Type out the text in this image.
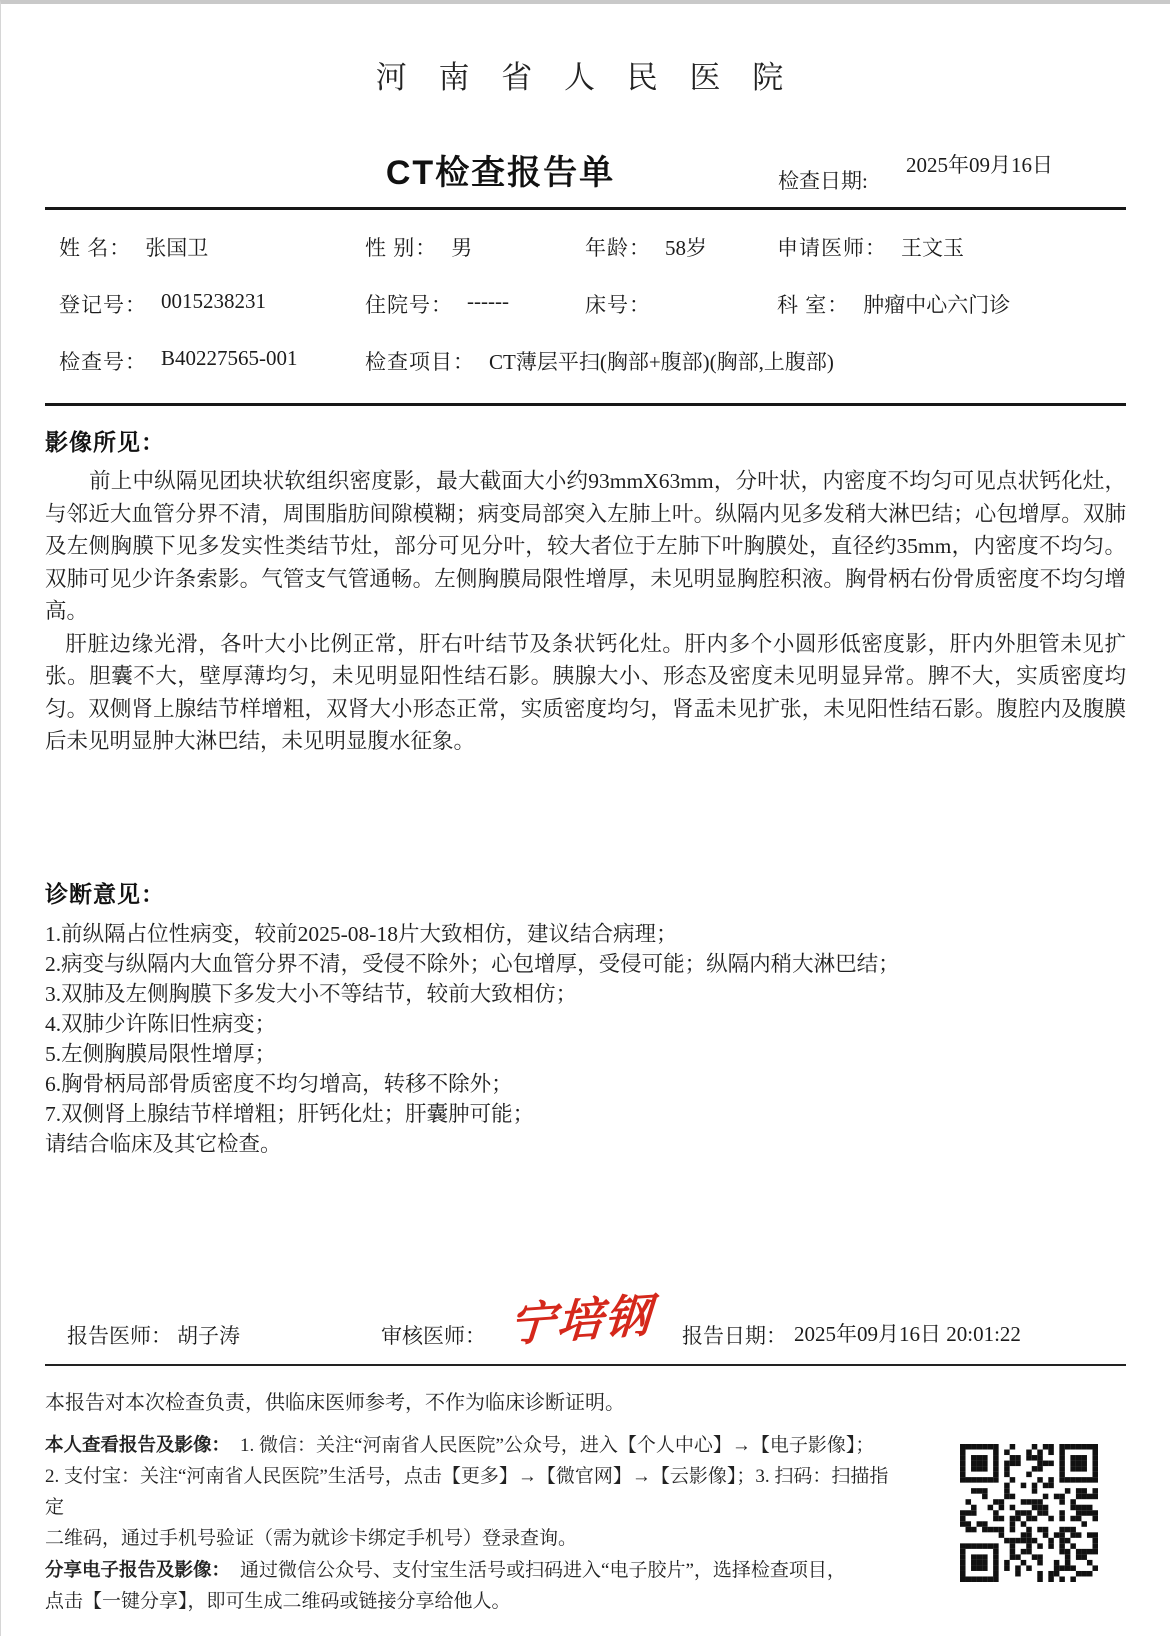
河 南 省 人 民 医 院
CT检查报告单	检查日期:
2025年09月16日
姓 名： 张国卫	性 别： 男	年龄： 58岁	申请医师： 王文玉
登记号： 0015238231	住院号： ------	床号：	科 室： 肿瘤中心六门诊
检查号： B40227565-001	检查项目： CT薄层平扫(胸部+腹部)(胸部,上腹部)
影像所见：
前上中纵隔见团块状软组织密度影，最大截面大小约93mmX63mm，分叶状，内密度不均匀可见点状钙化灶，与邻近大血管分界不清，周围脂肪间隙模糊；病变局部突入左肺上叶。纵隔内见多发稍大淋巴结；心包增厚。双肺及左侧胸膜下见多发实性类结节灶，部分可见分叶，较大者位于左肺下叶胸膜处，直径约35mm，内密度不均匀。双肺可见少许条索影。气管支气管通畅。左侧胸膜局限性增厚，未见明显胸腔积液。胸骨柄右份骨质密度不均匀增高。
肝脏边缘光滑，各叶大小比例正常，肝右叶结节及条状钙化灶。肝内多个小圆形低密度影，肝内外胆管未见扩张。胆囊不大，壁厚薄均匀，未见明显阳性结石影。胰腺大小、形态及密度未见明显异常。脾不大，实质密度均匀。双侧肾上腺结节样增粗，双肾大小形态正常，实质密度均匀，肾盂未见扩张，未见阳性结石影。腹腔内及腹膜后未见明显肿大淋巴结，未见明显腹水征象。
诊断意见：
1.前纵隔占位性病变，较前2025-08-18片大致相仿，建议结合病理；
2.病变与纵隔内大血管分界不清，受侵不除外；心包增厚，受侵可能；纵隔内稍大淋巴结；
3.双肺及左侧胸膜下多发大小不等结节，较前大致相仿；
4.双肺少许陈旧性病变；
5.左侧胸膜局限性增厚；
6.胸骨柄局部骨质密度不均匀增高，转移不除外；
7.双侧肾上腺结节样增粗；肝钙化灶；肝囊肿可能；
请结合临床及其它检查。
报告医师： 胡子涛	审核医师： 宁培钢	报告日期： 2025年09月16日 20:01:22
本报告对本次检查负责，供临床医师参考，不作为临床诊断证明。
本人查看报告及影像： 1. 微信：关注“河南省人民医院”公众号，进入【个人中心】→【电子影像】；
2. 支付宝：关注“河南省人民医院”生活号，点击【更多】→【微官网】→【云影像】；3. 扫码：扫描指定
二维码，通过手机号验证（需为就诊卡绑定手机号）登录查询。
分享电子报告及影像： 通过微信公众号、支付宝生活号或扫码进入“电子胶片”，选择检查项目，
点击【一键分享】，即可生成二维码或链接分享给他人。
